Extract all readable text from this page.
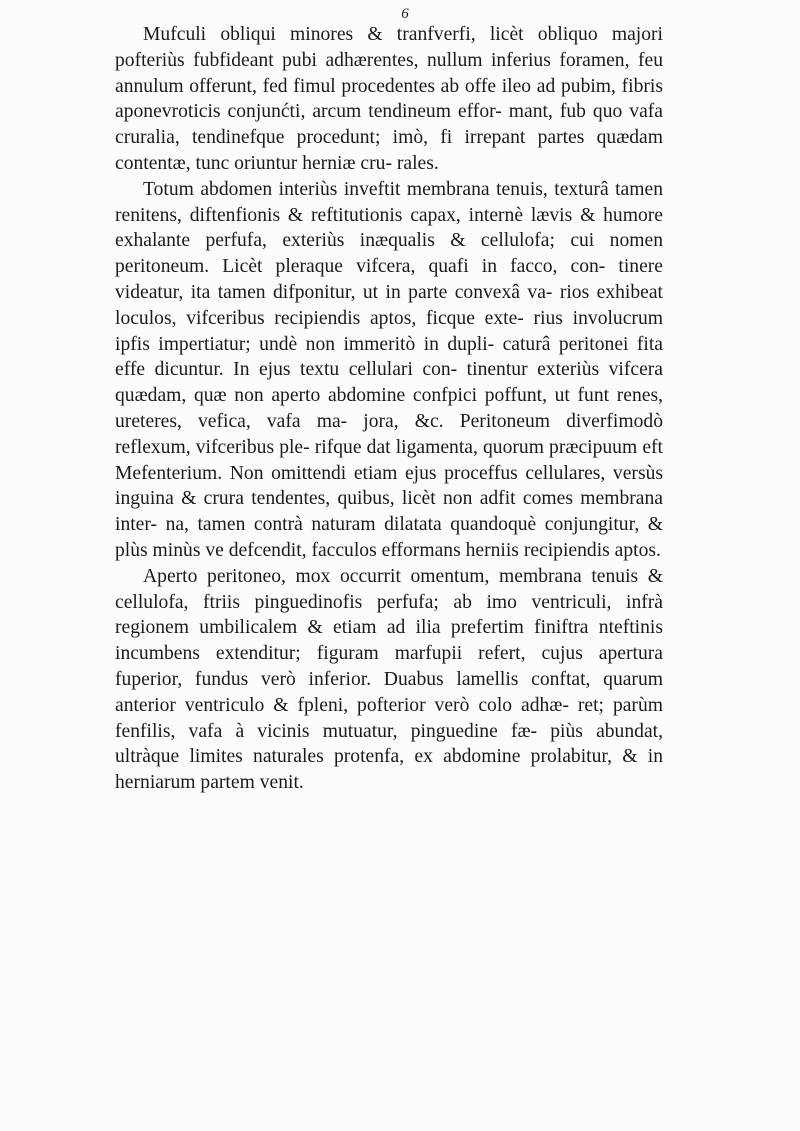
6

Mufculi obliqui minores & tranfverfi, licèt obliquo majori pofteriùs fubfideant pubi adhærentes, nullum inferius foramen, feu annulum offerunt, fed fimul procedentes ab offe ileo ad pubim, fibris aponevroticis conjunćti, arcum tendineum effor- mant, fub quo vafa cruralia, tendinefque procedunt; imò, fi irrepant partes quædam contentæ, tunc oriuntur herniæ cru- rales.

Totum abdomen interiùs inveftit membrana tenuis, texturâ tamen renitens, diftenfionis & reftitutionis capax, internè lævis & humore exhalante perfufa, exteriùs inæqualis & cellulofa; cui nomen peritoneum. Licèt pleraque vifcera, quafi in facco, con- tinere videatur, ita tamen difponitur, ut in parte convexâ va- rios exhibeat loculos, vifceribus recipiendis aptos, ficque exte- rius involucrum ipfis impertiatur; undè non immeritò in dupli- caturâ peritonei fita effe dicuntur. In ejus textu cellulari con- tinentur exteriùs vifcera quædam, quæ non aperto abdomine confpici poffunt, ut funt renes, ureteres, vefica, vafa ma- jora, &c. Peritoneum diverfimodò reflexum, vifceribus ple- rifque dat ligamenta, quorum præcipuum eft Mefenterium. Non omittendi etiam ejus proceffus cellulares, versùs inguina & crura tendentes, quibus, licèt non adfit comes membrana inter- na, tamen contrà naturam dilatata quandoquè conjungitur, & plùs minùs ve defcendit, facculos efformans herniis recipiendis aptos.

Aperto peritoneo, mox occurrit omentum, membrana tenuis & cellulofa, ftriis pinguedinofis perfufa; ab imo ventriculi, infrà regionem umbilicalem & etiam ad ilia prefertim finiftra nteftinis incumbens extenditur; figuram marfupii refert, cujus apertura fuperior, fundus verò inferior. Duabus lamellis conftat, quarum anterior ventriculo & fpleni, pofterior verò colo adhæ- ret; parùm fenfilis, vafa à vicinis mutuatur, pinguedine fæ- piùs abundat, ultràque limites naturales protenfa, ex abdomine prolabitur, & in herniarum partem venit.
